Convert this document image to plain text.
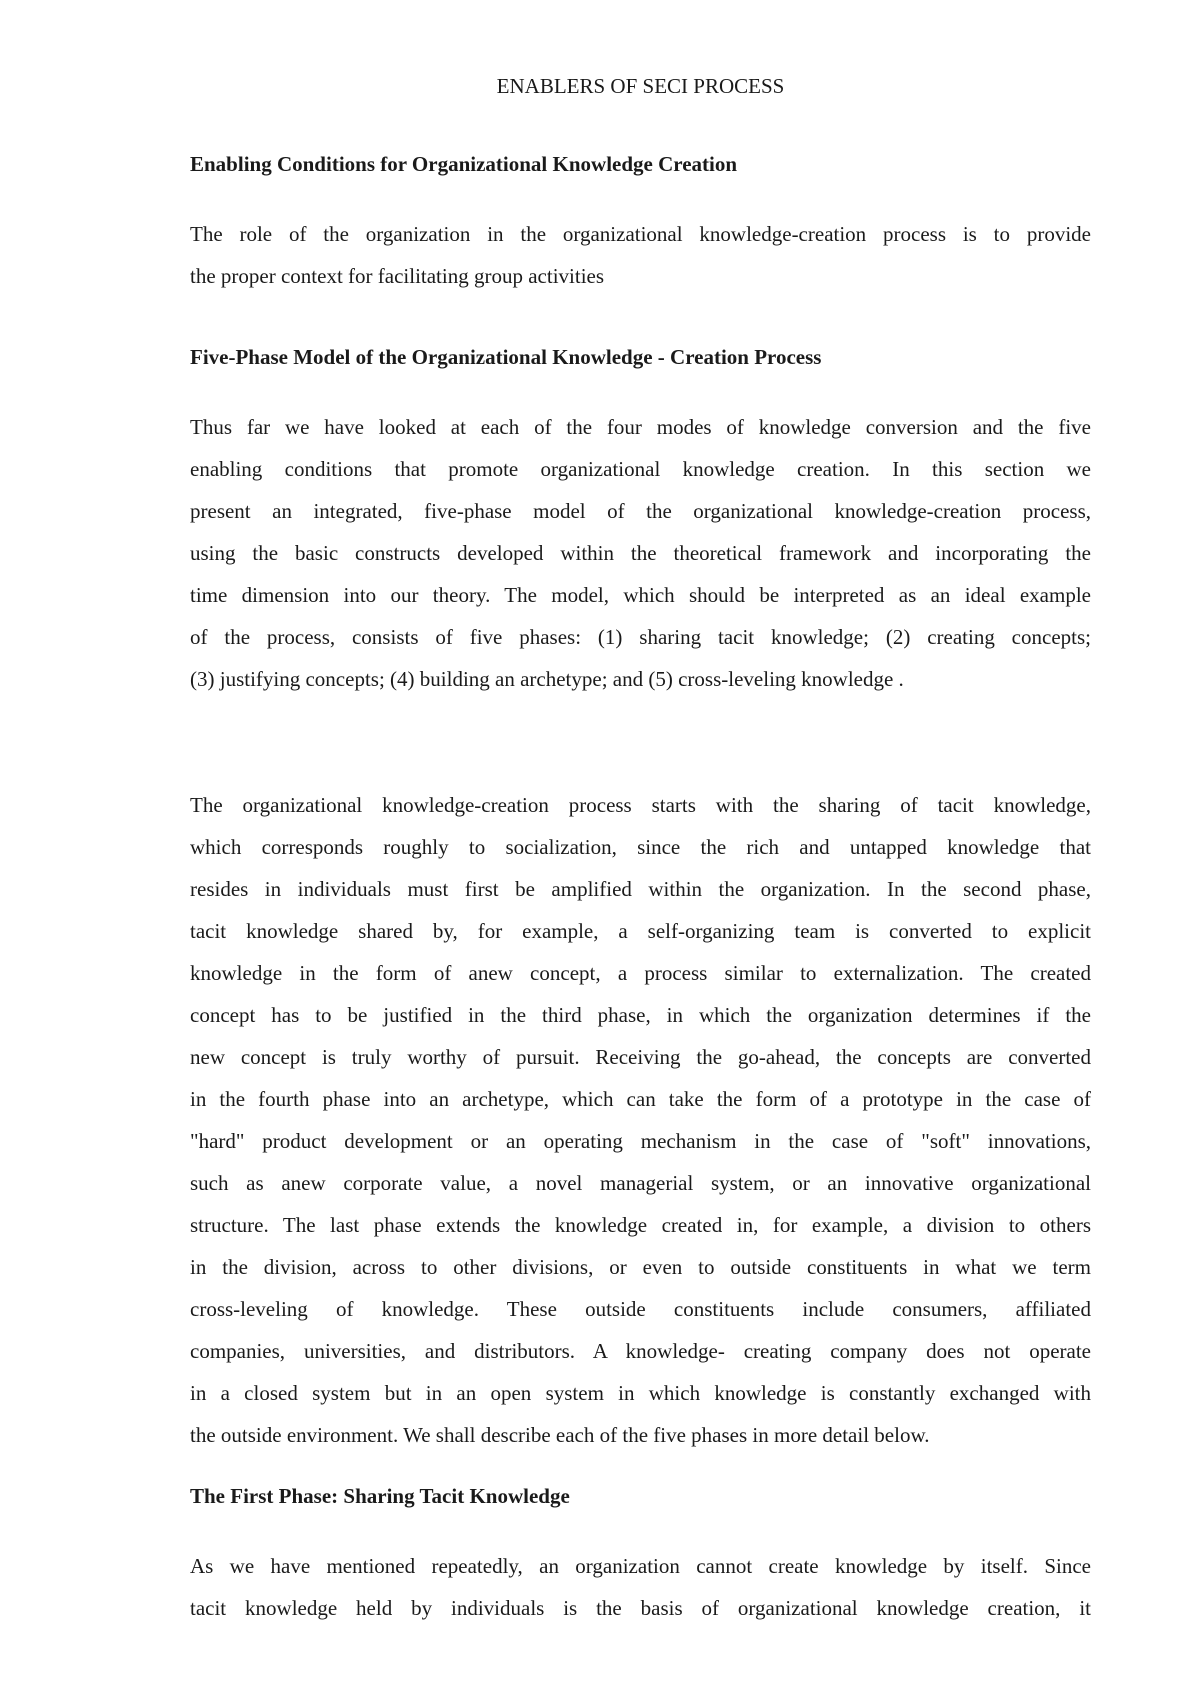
ENABLERS OF SECI PROCESS
Enabling Conditions for Organizational Knowledge Creation
The role of the organization in the organizational knowledge-creation process is to provide
the proper context for facilitating group activities
Five-Phase Model of the Organizational Knowledge - Creation Process
Thus far we have looked at each of the four modes of knowledge conversion and the five
enabling conditions that promote organizational knowledge creation. In this section we
present an integrated, five-phase model of the organizational knowledge-creation process,
using the basic constructs developed within the theoretical framework and incorporating the
time dimension into our theory. The model, which should be interpreted as an ideal example
of the process, consists of five phases: (1) sharing tacit knowledge; (2) creating concepts;
(3) justifying concepts; (4) building an archetype; and (5) cross-leveling knowledge .
The organizational knowledge-creation process starts with the sharing of tacit knowledge,
which corresponds roughly to socialization, since the rich and untapped knowledge that
resides in individuals must first be amplified within the organization. In the second phase,
tacit knowledge shared by, for example, a self-organizing team is converted to explicit
knowledge in the form of anew concept, a process similar to externalization. The created
concept has to be justified in the third phase, in which the organization determines if the
new concept is truly worthy of pursuit. Receiving the go-ahead, the concepts are converted
in the fourth phase into an archetype, which can take the form of a prototype in the case of
"hard" product development or an operating mechanism in the case of "soft" innovations,
such as anew corporate value, a novel managerial system, or an innovative organizational
structure. The last phase extends the knowledge created in, for example, a division to others
in the division, across to other divisions, or even to outside constituents in what we term
cross-leveling of knowledge. These outside constituents include consumers, affiliated
companies, universities, and distributors. A knowledge- creating company does not operate
in a closed system but in an open system in which knowledge is constantly exchanged with
the outside environment. We shall describe each of the five phases in more detail below.
The First Phase: Sharing Tacit Knowledge
As we have mentioned repeatedly, an organization cannot create knowledge by itself. Since
tacit knowledge held by individuals is the basis of organizational knowledge creation, it
